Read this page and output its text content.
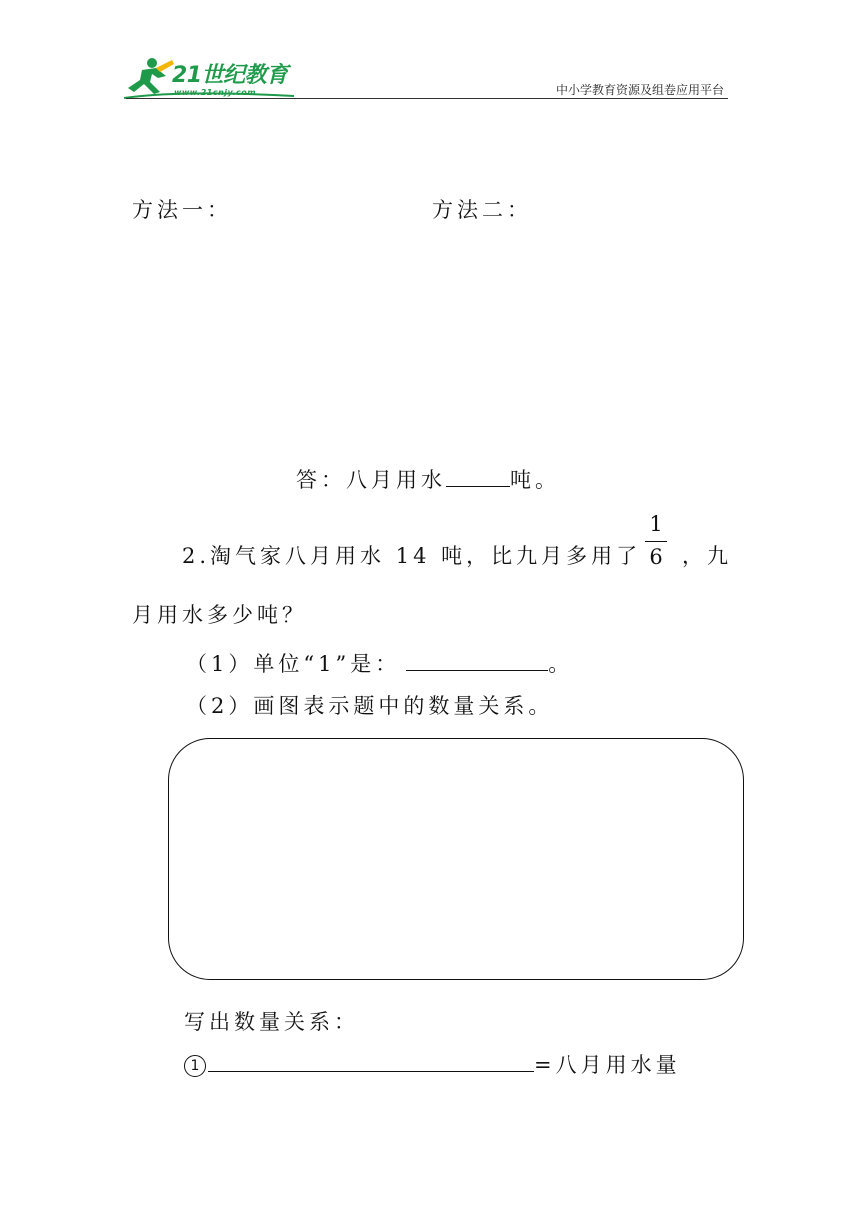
21世纪教育
www.21cnjy.com	中小学教育资源及组卷应用平台
方法一：	方法二：
答：八月用水	吨。
2.淘气家八月用水 14 吨，比九月多用了
1
6 ，九
月用水多少吨？
（1）单位“1”是：	。
（2）画图表示题中的数量关系。
写出数量关系：
1	=八月用水量
